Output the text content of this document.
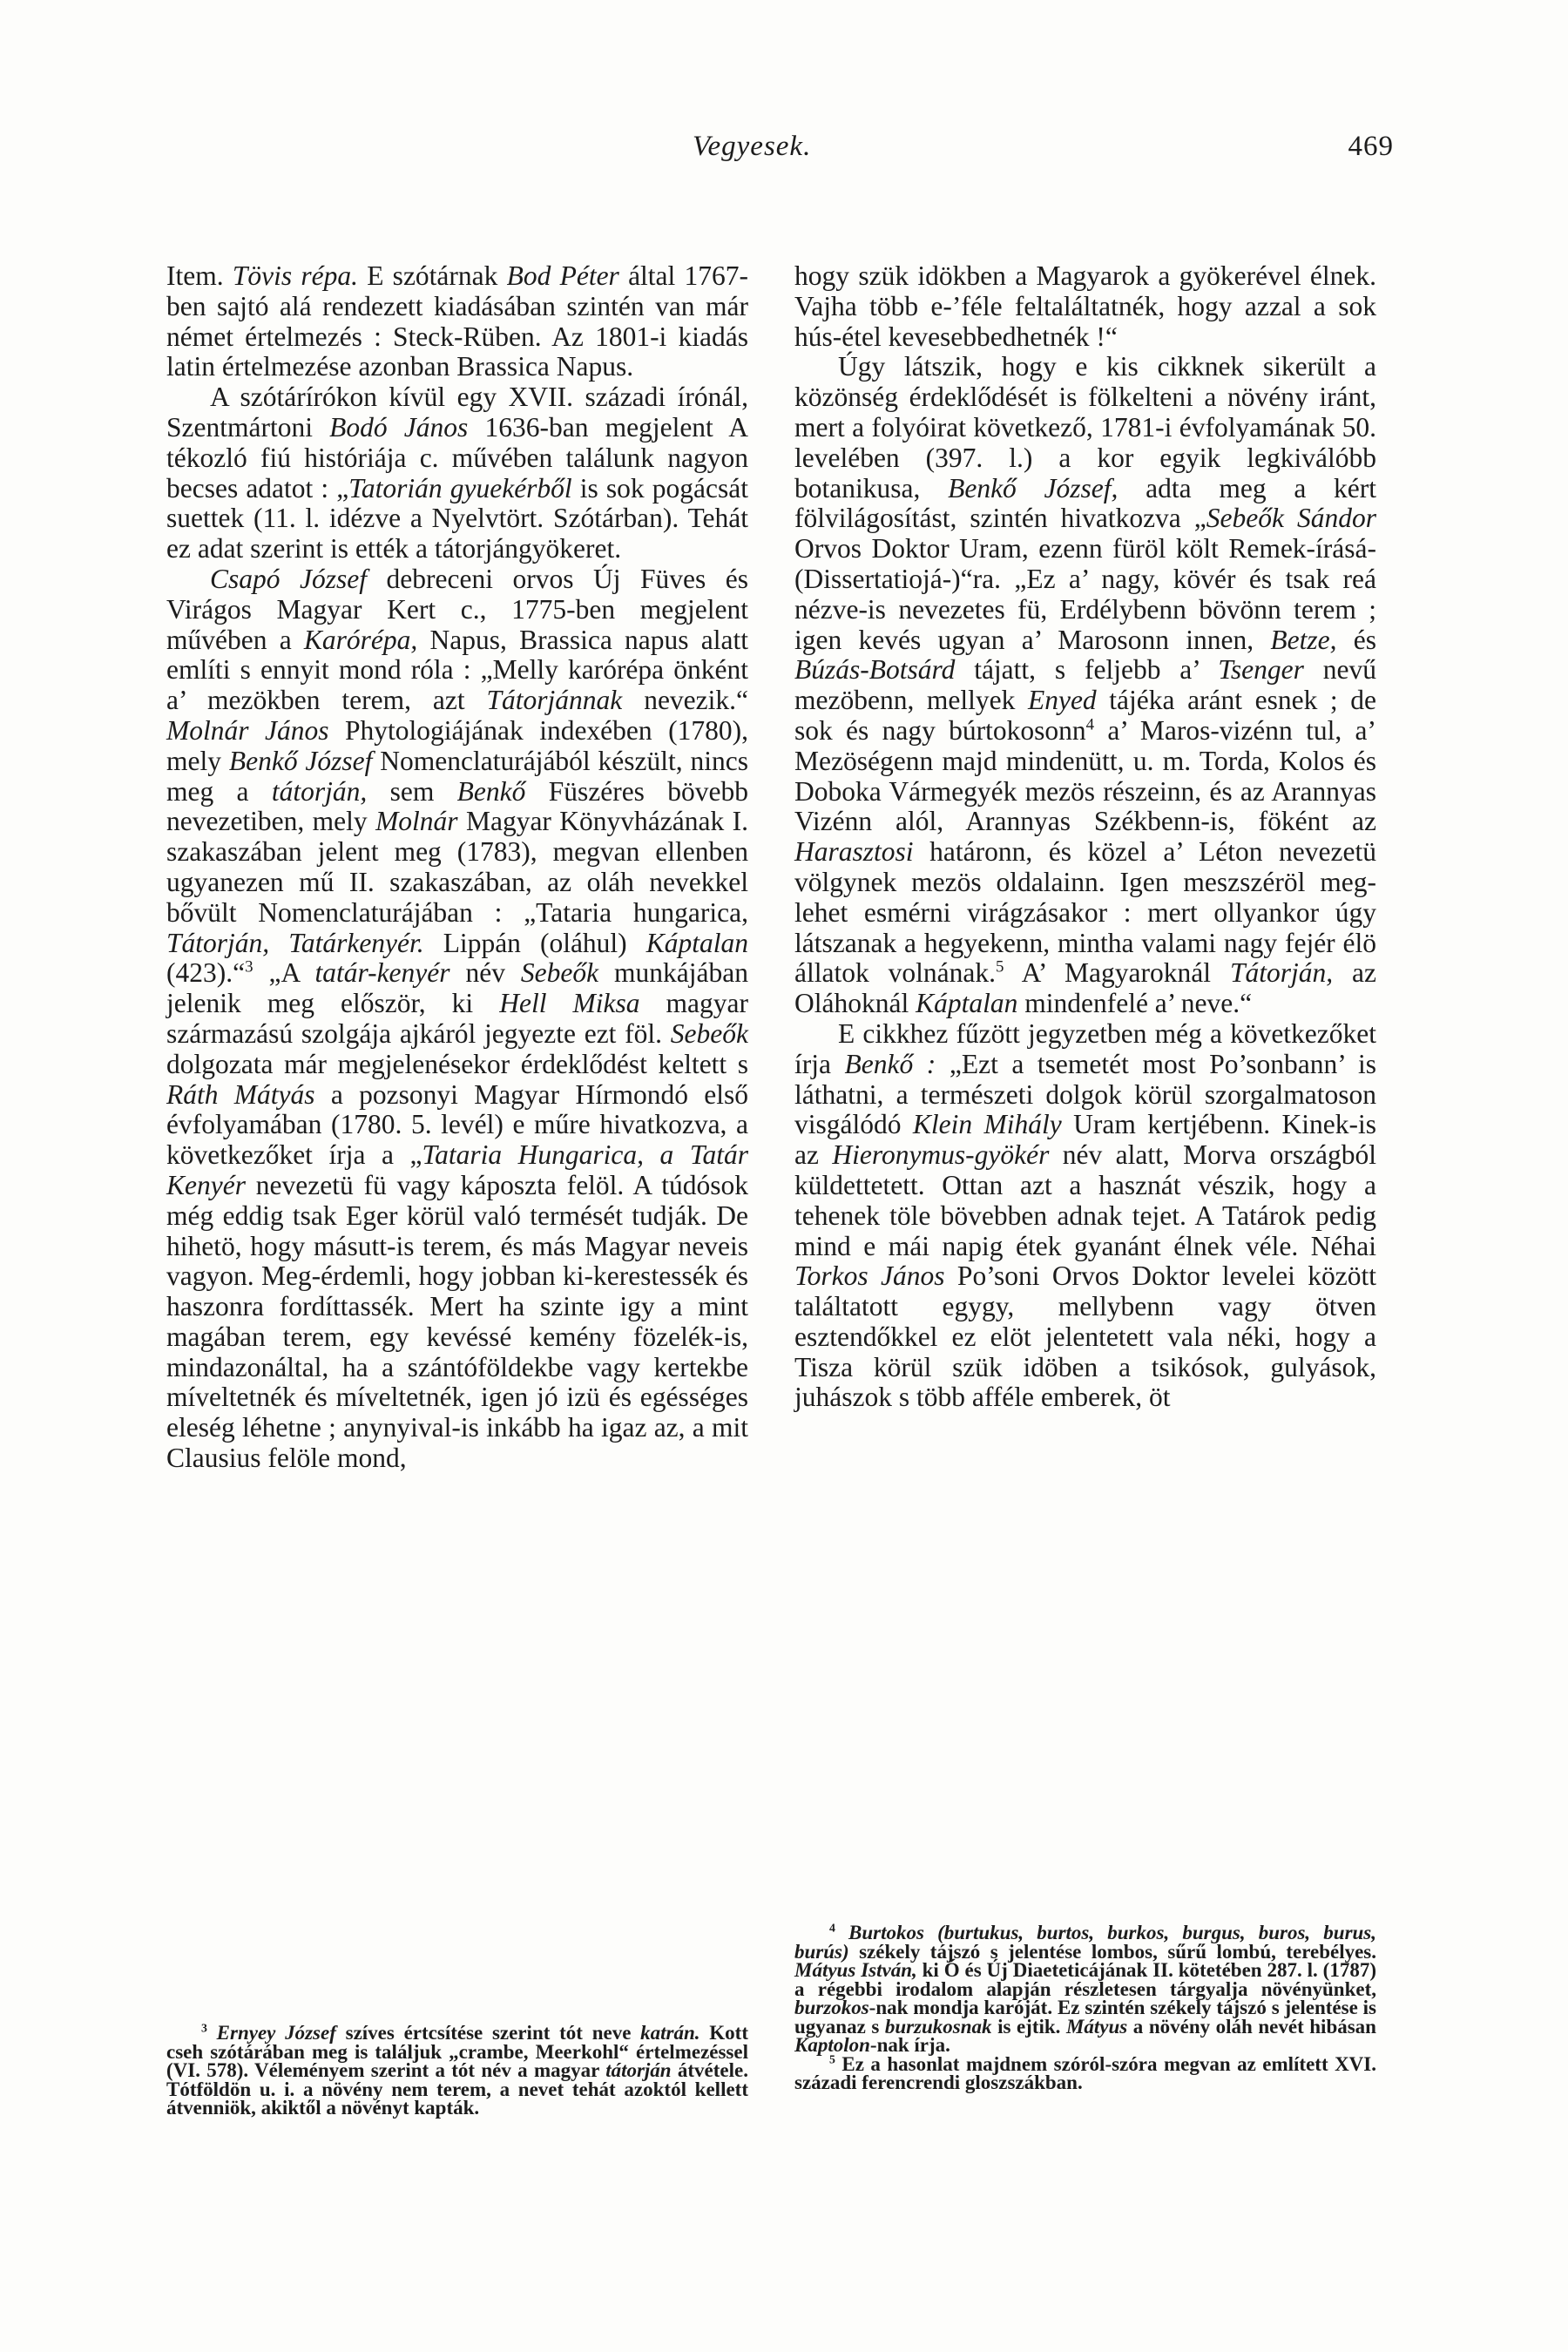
Vegyesek.	469

Item. Tövis répa. E szótárnak Bod Péter által 1767-ben sajtó alá rendezett kiadásában szintén van már német értelmezés : Steck-Rüben. Az 1801-i kiadás latin értelmezése azonban Brassica Napus.

A szótárírókon kívül egy XVII. századi írónál, Szentmártoni Bodó János 1636-ban megjelent A tékozló fiú históriája c. művében találunk nagyon becses adatot : „Tatorián gyuekérből is sok pogácsát suettek (11. l. idézve a Nyelvtört. Szótárban). Tehát ez adat szerint is ették a tátorjángyökeret.

Csapó József debreceni orvos Új Füves és Virágos Magyar Kert c., 1775-ben megjelent művében a Karórépa, Napus, Brassica napus alatt említi s ennyit mond róla : „Melly karórépa önként a’ mezökben terem, azt Tátorjánnak nevezik.“ Molnár János Phytologiájának indexében (1780), mely Benkő József Nomenclaturájából készült, nincs meg a tátorján, sem Benkő Füszéres bövebb nevezetiben, mely Molnár Magyar Könyvházának I. szakaszában jelent meg (1783), megvan ellenben ugyanezen mű II. szakaszában, az oláh nevekkel bővült Nomenclaturájában : „Tataria hungarica, Tátorján, Tatárkenyér. Lippán (oláhul) Káptalan (423).“$^3$ „A tatár-kenyér név Sebeők munkájában jelenik meg először, ki Hell Miksa magyar származású szolgája ajkáról jegyezte ezt föl. Sebeők dolgozata már megjelenésekor érdeklődést keltett s Ráth Mátyás a pozsonyi Magyar Hírmondó első évfolyamában (1780. 5. levél) e műre hivatkozva, a következőket írja a „Tataria Hungarica, a Tatár Kenyér nevezetü fü vagy káposzta felöl. A túdósok még eddig tsak Eger körül való termését tudják. De hihetö, hogy másutt-is terem, és más Magyar neveis vagyon. Meg-érdemli, hogy jobban ki-kerestessék és haszonra fordíttassék. Mert ha szinte igy a mint magában terem, egy kevéssé kemény fözelék-is, mindazonáltal, ha a szántóföldekbe vagy kertekbe míveltetnék és míveltetnék, igen jó izü és egésséges eleség léhetne ; anynyival-is inkább ha igaz az, a mit Clausius felöle mond,

hogy szük idökben a Magyarok a gyökerével élnek. Vajha több e-’féle feltaláltatnék, hogy azzal a sok hús-étel kevesebbedhetnék !“

Úgy látszik, hogy e kis cikknek sikerült a közönség érdeklődését is fölkelteni a növény iránt, mert a folyóirat következő, 1781-i évfolyamának 50. levelében (397. l.) a kor egyik legkiválóbb botanikusa, Benkő József, adta meg a kért fölvilágosítást, szintén hivatkozva „Sebeők Sándor Orvos Doktor Uram, ezenn füröl költ Remek-írásá-(Dissertatiojá-)“ra. „Ez a’ nagy, kövér és tsak reá nézve-is nevezetes fü, Erdélybenn bövönn terem ; igen kevés ugyan a’ Marosonn innen, Betze, és Búzás-Botsárd tájatt, s feljebb a’ Tsenger nevű mezöbenn, mellyek Enyed tájéka aránt esnek ; de sok és nagy búrtokosonn$^4$ a’ Maros-vizénn tul, a’ Mezöségenn majd mindenütt, u. m. Torda, Kolos és Doboka Vármegyék mezös részeinn, és az Arannyas Vizénn alól, Arannyas Székbenn-is, föként az Harasztosi határonn, és közel a’ Léton nevezetü völgynek mezös oldalainn. Igen meszszéröl meg-lehet esmérni virágzásakor : mert ollyankor úgy látszanak a hegyekenn, mintha valami nagy fejér élö állatok volnának.$^5$ A’ Magyaroknál Tátorján, az Oláhoknál Káptalan mindenfelé a’ neve.“

E cikkhez fűzött jegyzetben még a következőket írja Benkő : „Ezt a tsemetét most Po’sonbann’ is láthatni, a természeti dolgok körül szorgalmatoson visgálódó Klein Mihály Uram kertjébenn. Kinek-is az Hieronymus-gyökér név alatt, Morva országból küldettetett. Ottan azt a hasznát vészik, hogy a tehenek töle bövebben adnak tejet. A Tatárok pedig mind e mái napig étek gyanánt élnek véle. Néhai Torkos János Po’soni Orvos Doktor levelei között találtatott egygy, mellybenn vagy ötven esztendőkkel ez elöt jelentetett vala néki, hogy a Tisza körül szük idöben a tsikósok, gulyások, juhászok s több afféle emberek, öt

$^3$ Ernyey József szíves értcsítése szerint tót neve katrán. Kott cseh szótárában meg is találjuk „crambe, Meerkohl“ értelmezéssel (VI. 578). Véleményem szerint a tót név a magyar tátorján átvétele. Tótföldön u. i. a növény nem terem, a nevet tehát azoktól kellett átvenniök, akiktől a növényt kapták.

$^4$ Burtokos (burtukus, burtos, burkos, burgus, buros, burus, burús) székely tájszó s jelentése lombos, sűrű lombú, terebélyes. Mátyus István, ki Ó és Új Diaeteticájának II. kötetében 287. l. (1787) a régebbi irodalom alapján részletesen tárgyalja növényünket, burzokos-nak mondja karóját. Ez szintén székely tájszó s jelentése is ugyanaz s burzukosnak is ejtik. Mátyus a növény oláh nevét hibásan Kaptolon-nak írja.

$^5$ Ez a hasonlat majdnem szóról-szóra megvan az említett XVI. századi ferencrendi gloszszákban.
